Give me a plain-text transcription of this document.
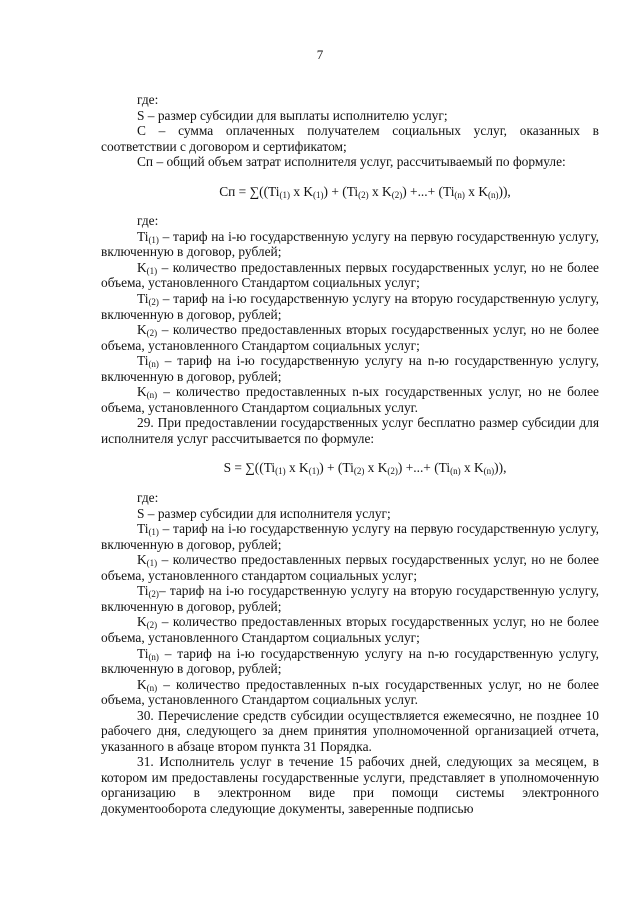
7

где:

S – размер субсидии для выплаты исполнителю услуг;

С – сумма оплаченных получателем социальных услуг, оказанных в соответствии с договором и сертификатом;

Сп – общий объем затрат исполнителя услуг, рассчитываемый по формуле:

Сп = $\sum((Ti_{(1)}$ x $K_{(1)}) + (Ti_{(2)}$ x $K_{(2)}$) +...+ ($Ti_{(n)}$ x $K_{(n)}$)),

где:

$Ti_{(1)}$ – тариф на i-ю государственную услугу на первую государственную услугу, включенную в договор, рублей;

$K_{(1)}$ – количество предоставленных первых государственных услуг, но не более объема, установленного Стандартом социальных услуг;

$Ti_{(2)}$ – тариф на i-ю государственную услугу на вторую государственную услугу, включенную в договор, рублей;

$K_{(2)}$ – количество предоставленных вторых государственных услуг, но не более объема, установленного Стандартом социальных услуг;

$Ti_{(n)}$ – тариф на i-ю государственную услугу на n-ю государственную услугу, включенную в договор, рублей;

$K_{(n)}$ – количество предоставленных n-ых государственных услуг, но не более объема, установленного Стандартом социальных услуг.

29. При предоставлении государственных услуг бесплатно размер субсидии для исполнителя услуг рассчитывается по формуле:

$S = \sum((Ti_{(1)}$ x $K_{(1)}) + (Ti_{(2)}$ x $K_{(2)}$) +...+ ($Ti_{(n)}$ x $K_{(n)}$)),

где:

S – размер субсидии для исполнителя услуг;

$Ti_{(1)}$ – тариф на i-ю государственную услугу на первую государственную услугу, включенную в договор, рублей;

$K_{(1)}$ – количество предоставленных первых государственных услуг, но не более объема, установленного стандартом социальных услуг;

$Ti_{(2)}-$ тариф на i-ю государственную услугу на вторую государственную услугу, включенную в договор, рублей;

$K_{(2)}$ – количество предоставленных вторых государственных услуг, но не более объема, установленного Стандартом социальных услуг;

$Ti_{(n)}$ – тариф на i-ю государственную услугу на n-ю государственную услугу, включенную в договор, рублей;

$K_{(n)}$ – количество предоставленных n-ых государственных услуг, но не более объема, установленного Стандартом социальных услуг.

30. Перечисление средств субсидии осуществляется ежемесячно, не позднее 10 рабочего дня, следующего за днем принятия уполномоченной организацией отчета, указанного в абзаце втором пункта 31 Порядка.

31. Исполнитель услуг в течение 15 рабочих дней, следующих за месяцем, в котором им предоставлены государственные услуги, представляет в уполномоченную организацию в электронном виде при помощи системы электронного документооборота следующие документы, заверенные подписью
